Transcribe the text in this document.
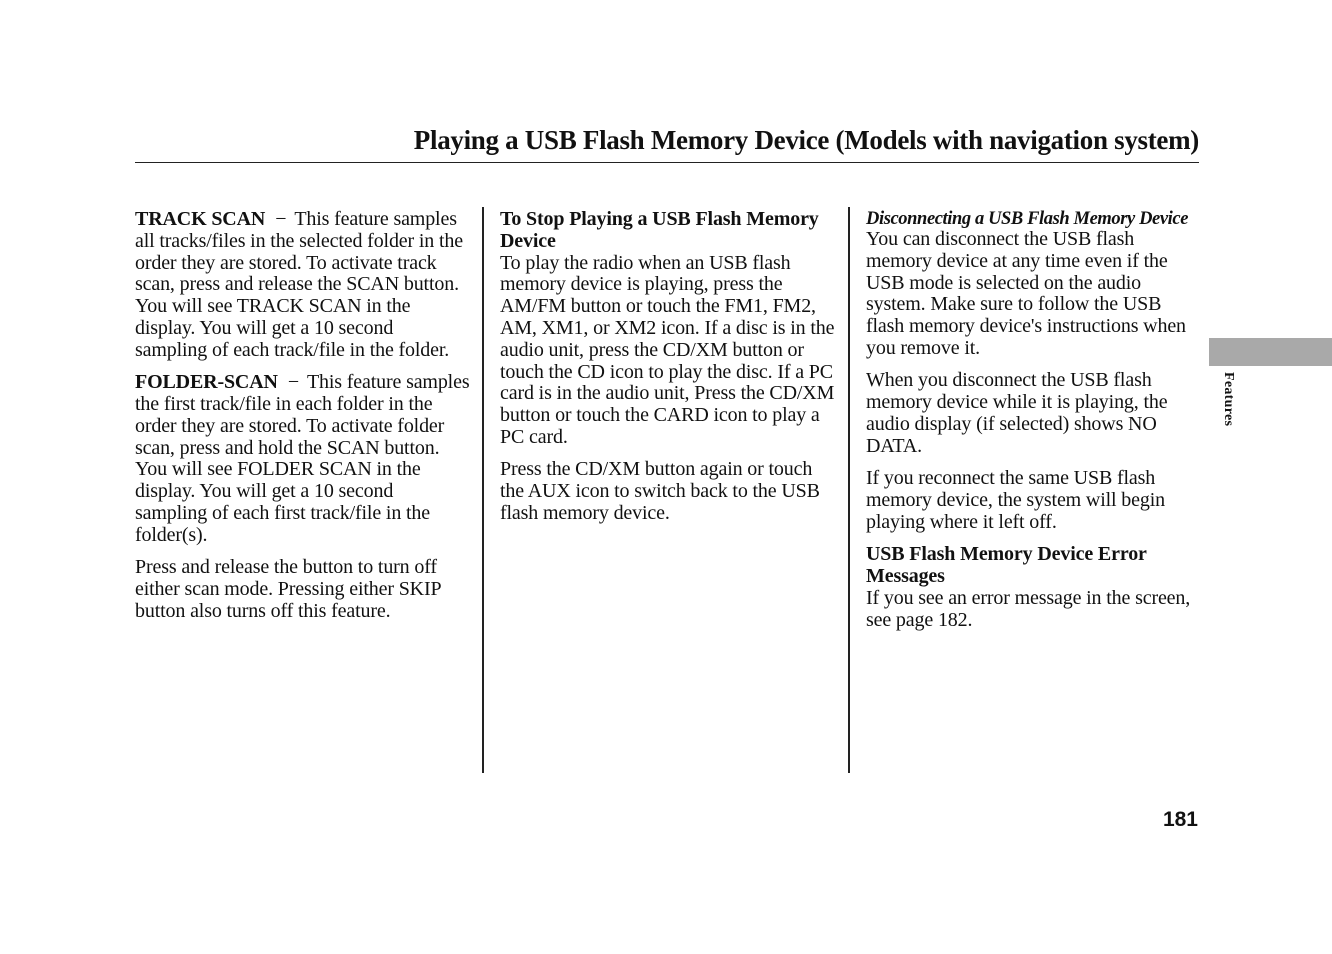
Playing a USB Flash Memory Device (Models with navigation system)

TRACK SCAN − This feature samples all tracks/files in the selected folder in the order they are stored. To activate track scan, press and release the SCAN button. You will see TRACK SCAN in the display. You will get a 10 second sampling of each track/file in the folder.

FOLDER-SCAN − This feature samples the first track/file in each folder in the order they are stored. To activate folder scan, press and hold the SCAN button. You will see FOLDER SCAN in the display. You will get a 10 second sampling of each first track/file in the folder(s).

Press and release the button to turn off either scan mode. Pressing either SKIP button also turns off this feature.

To Stop Playing a USB Flash Memory Device
To play the radio when an USB flash memory device is playing, press the AM/FM button or touch the FM1, FM2, AM, XM1, or XM2 icon. If a disc is in the audio unit, press the CD/XM button or touch the CD icon to play the disc. If a PC card is in the audio unit, Press the CD/XM button or touch the CARD icon to play a PC card.

Press the CD/XM button again or touch the AUX icon to switch back to the USB flash memory device.

Disconnecting a USB Flash Memory Device
You can disconnect the USB flash memory device at any time even if the USB mode is selected on the audio system. Make sure to follow the USB flash memory device's instructions when you remove it.

When you disconnect the USB flash memory device while it is playing, the audio display (if selected) shows NO DATA.

If you reconnect the same USB flash memory device, the system will begin playing where it left off.

USB Flash Memory Device Error Messages
If you see an error message in the screen, see page 182.

Features
181
